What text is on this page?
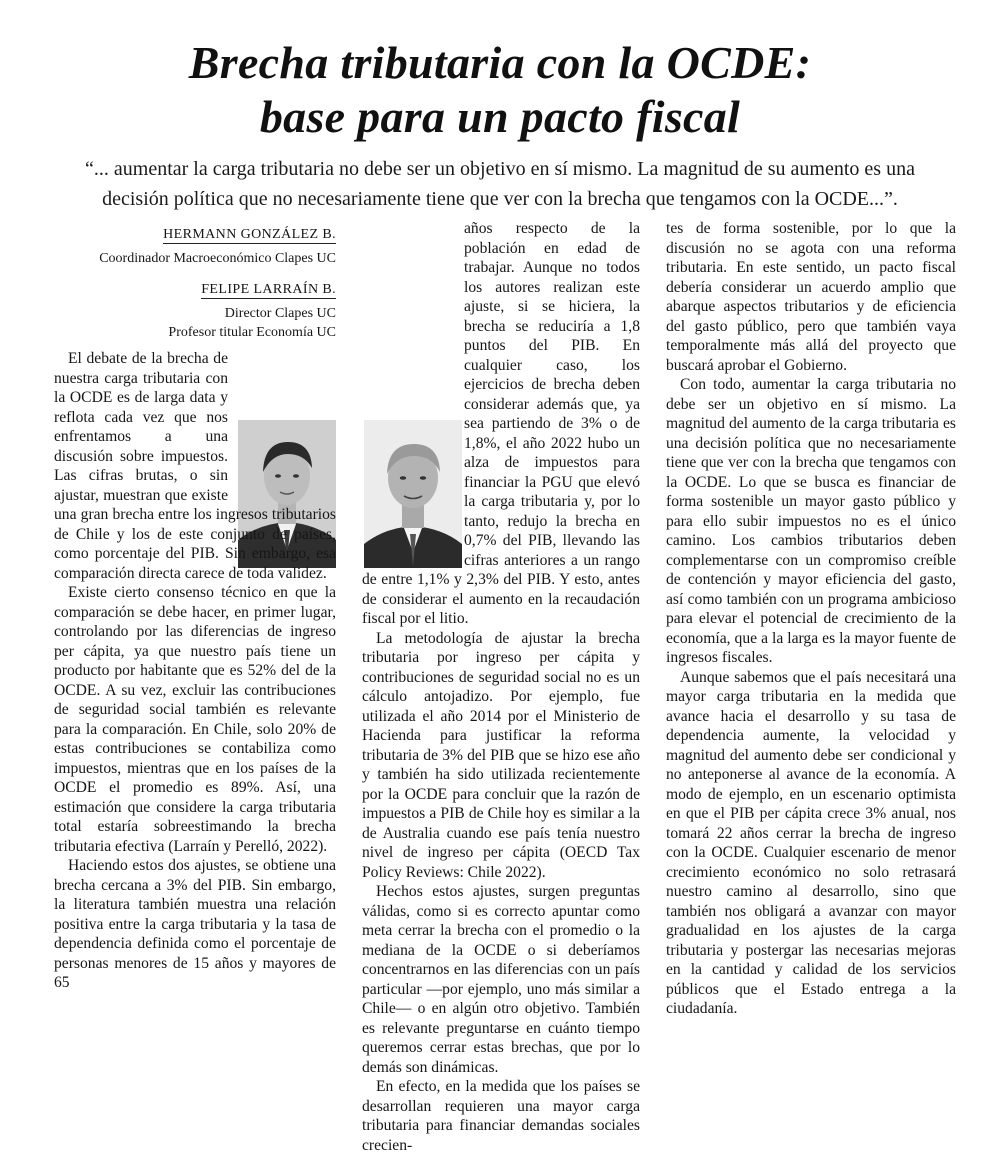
Brecha tributaria con la OCDE:
base para un pacto fiscal
“... aumentar la carga tributaria no debe ser un objetivo en sí mismo. La magnitud de su aumento es una decisión política que no necesariamente tiene que ver con la brecha que tengamos con la OCDE...”.
HERMANN GONZÁLEZ B.
Coordinador Macroeconómico Clapes UC
FELIPE LARRAÍN B.
Director Clapes UC
Profesor titular Economía UC

El debate de la brecha de nuestra carga tributaria con la OCDE es de larga data y reflota cada vez que nos enfrentamos a una discusión sobre impuestos. Las cifras brutas, o sin ajustar, muestran que existe una gran brecha entre los ingresos tributarios de Chile y los de este conjunto de países, como porcentaje del PIB. Sin embargo, esa comparación directa carece de toda validez.

Existe cierto consenso técnico en que la comparación se debe hacer, en primer lugar, controlando por las diferencias de ingreso per cápita, ya que nuestro país tiene un producto por habitante que es 52% del de la OCDE. A su vez, excluir las contribuciones de seguridad social también es relevante para la comparación. En Chile, solo 20% de estas contribuciones se contabiliza como impuestos, mientras que en los países de la OCDE el promedio es 89%. Así, una estimación que considere la carga tributaria total estaría sobreestimando la brecha tributaria efectiva (Larraín y Perelló, 2022).

Haciendo estos dos ajustes, se obtiene una brecha cercana a 3% del PIB. Sin embargo, la literatura también muestra una relación positiva entre la carga tributaria y la tasa de dependencia definida como el porcentaje de personas menores de 15 años y mayores de 65

años respecto de la población en edad de trabajar. Aunque no todos los autores realizan este ajuste, si se hiciera, la brecha se reduciría a 1,8 puntos del PIB. En cualquier caso, los ejercicios de brecha deben considerar además que, ya sea partiendo de 3% o de 1,8%, el año 2022 hubo un alza de impuestos para financiar la PGU que elevó la carga tributaria y, por lo tanto, redujo la brecha en 0,7% del PIB, llevando las cifras anteriores a un rango de entre 1,1% y 2,3% del PIB. Y esto, antes de considerar el aumento en la recaudación fiscal por el litio.

La metodología de ajustar la brecha tributaria por ingreso per cápita y contribuciones de seguridad social no es un cálculo antojadizo. Por ejemplo, fue utilizada el año 2014 por el Ministerio de Hacienda para justificar la reforma tributaria de 3% del PIB que se hizo ese año y también ha sido utilizada recientemente por la OCDE para concluir que la razón de impuestos a PIB de Chile hoy es similar a la de Australia cuando ese país tenía nuestro nivel de ingreso per cápita (OECD Tax Policy Reviews: Chile 2022).

Hechos estos ajustes, surgen preguntas válidas, como si es correcto apuntar como meta cerrar la brecha con el promedio o la mediana de la OCDE o si deberíamos concentrarnos en las diferencias con un país particular —por ejemplo, uno más similar a Chile— o en algún otro objetivo. También es relevante preguntarse en cuánto tiempo queremos cerrar estas brechas, que por lo demás son dinámicas.

En efecto, en la medida que los países se desarrollan requieren una mayor carga tributaria para financiar demandas sociales crecien-

tes de forma sostenible, por lo que la discusión no se agota con una reforma tributaria. En este sentido, un pacto fiscal debería considerar un acuerdo amplio que abarque aspectos tributarios y de eficiencia del gasto público, pero que también vaya temporalmente más allá del proyecto que buscará aprobar el Gobierno.

Con todo, aumentar la carga tributaria no debe ser un objetivo en sí mismo. La magnitud del aumento de la carga tributaria es una decisión política que no necesariamente tiene que ver con la brecha que tengamos con la OCDE. Lo que se busca es financiar de forma sostenible un mayor gasto público y para ello subir impuestos no es el único camino. Los cambios tributarios deben complementarse con un compromiso creíble de contención y mayor eficiencia del gasto, así como también con un programa ambicioso para elevar el potencial de crecimiento de la economía, que a la larga es la mayor fuente de ingresos fiscales.

Aunque sabemos que el país necesitará una mayor carga tributaria en la medida que avance hacia el desarrollo y su tasa de dependencia aumente, la velocidad y magnitud del aumento debe ser condicional y no anteponerse al avance de la economía. A modo de ejemplo, en un escenario optimista en que el PIB per cápita crece 3% anual, nos tomará 22 años cerrar la brecha de ingreso con la OCDE. Cualquier escenario de menor crecimiento económico no solo retrasará nuestro camino al desarrollo, sino que también nos obligará a avanzar con mayor gradualidad en los ajustes de la carga tributaria y postergar las necesarias mejoras en la cantidad y calidad de los servicios públicos que el Estado entrega a la ciudadanía.
